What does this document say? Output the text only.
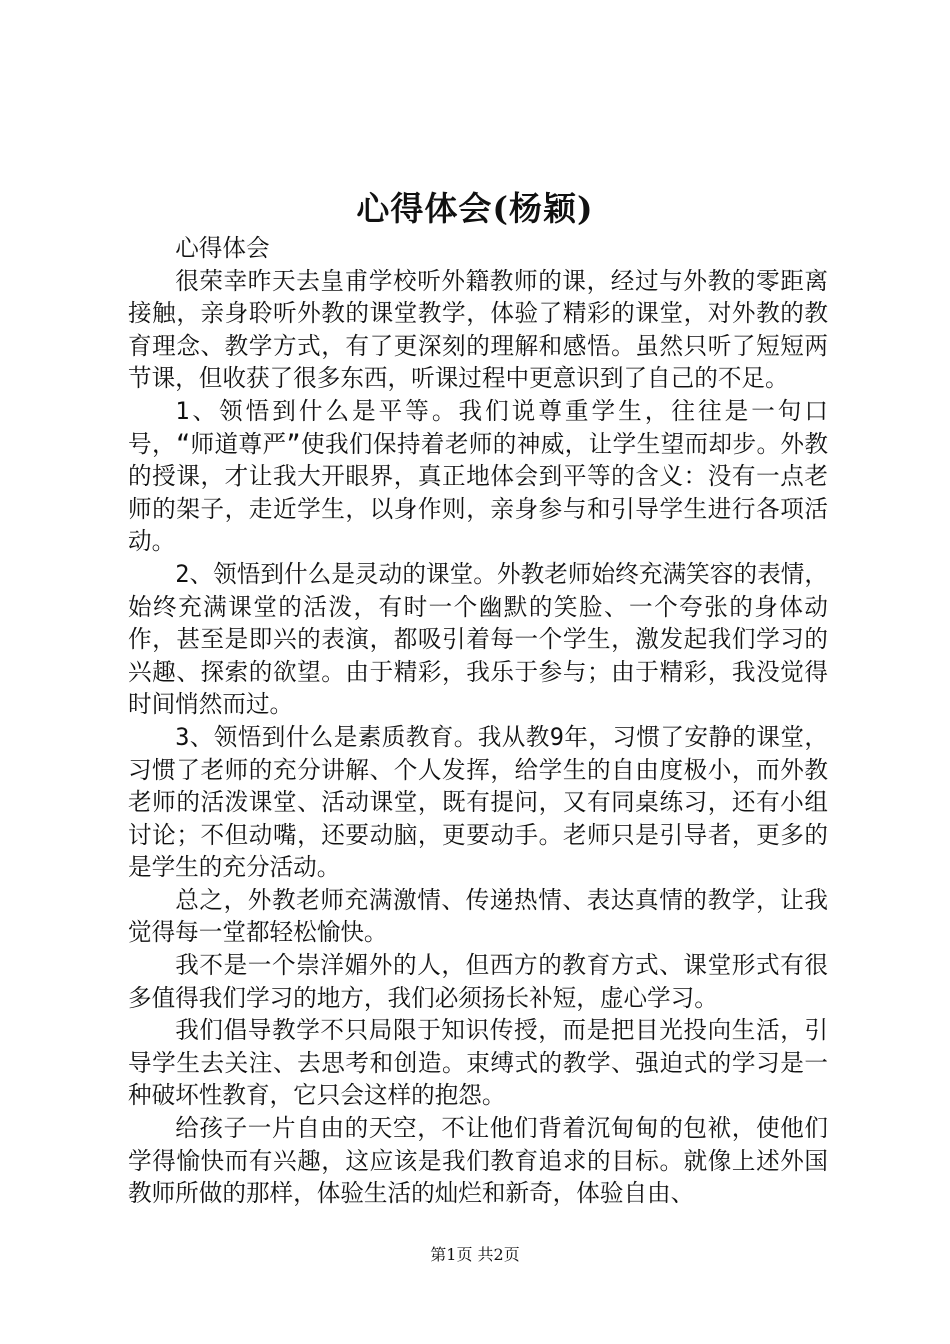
心得体会(杨颖)

心得体会

很荣幸昨天去皇甫学校听外籍教师的课，经过与外教的零距离接触，亲身聆听外教的课堂教学，体验了精彩的课堂，对外教的教育理念、教学方式，有了更深刻的理解和感悟。虽然只听了短短两节课，但收获了很多东西，听课过程中更意识到了自己的不足。

1、领悟到什么是平等。我们说尊重学生，往往是一句口号，“师道尊严”使我们保持着老师的神威，让学生望而却步。外教的授课，才让我大开眼界，真正地体会到平等的含义：没有一点老师的架子，走近学生，以身作则，亲身参与和引导学生进行各项活动。

2、领悟到什么是灵动的课堂。外教老师始终充满笑容的表情，始终充满课堂的活泼，有时一个幽默的笑脸、一个夸张的身体动作，甚至是即兴的表演，都吸引着每一个学生，激发起我们学习的兴趣、探索的欲望。由于精彩，我乐于参与；由于精彩，我没觉得时间悄然而过。

3、领悟到什么是素质教育。我从教9年，习惯了安静的课堂，习惯了老师的充分讲解、个人发挥，给学生的自由度极小，而外教老师的活泼课堂、活动课堂，既有提问，又有同桌练习，还有小组讨论；不但动嘴，还要动脑，更要动手。老师只是引导者，更多的是学生的充分活动。

总之，外教老师充满激情、传递热情、表达真情的教学，让我觉得每一堂都轻松愉快。

我不是一个崇洋媚外的人，但西方的教育方式、课堂形式有很多值得我们学习的地方，我们必须扬长补短，虚心学习。

我们倡导教学不只局限于知识传授，而是把目光投向生活，引导学生去关注、去思考和创造。束缚式的教学、强迫式的学习是一种破坏性教育，它只会这样的抱怨。

给孩子一片自由的天空，不让他们背着沉甸甸的包袱，使他们学得愉快而有兴趣，这应该是我们教育追求的目标。就像上述外国教师所做的那样，体验生活的灿烂和新奇，体验自由、

第1页 共2页
